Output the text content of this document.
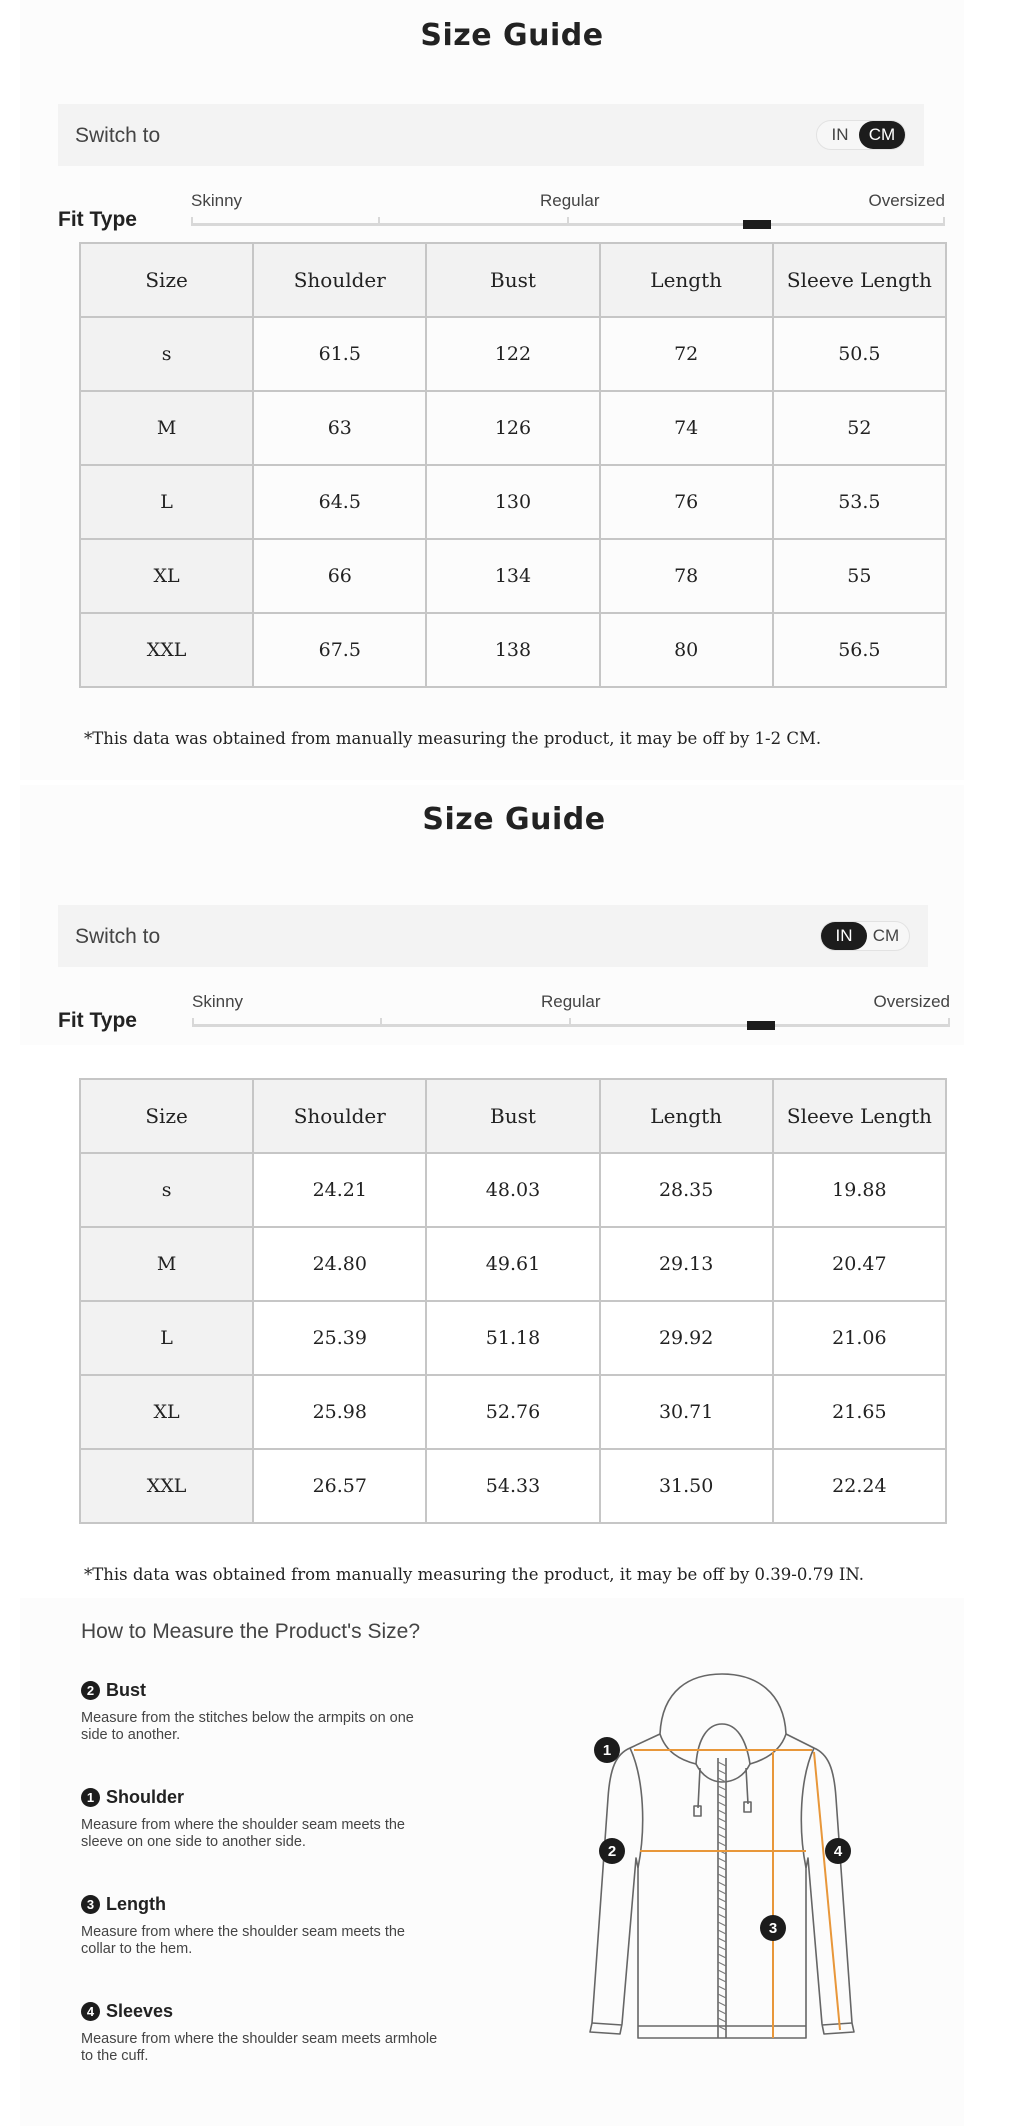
Size Guide
Switch to	IN	CM
Fit Type
Skinny	Regular	Oversized
Size	Shoulder	Bust	Length	Sleeve Length
s	61.5	122	72	50.5
M	63	126	74	52
L	64.5	130	76	53.5
XL	66	134	78	55
XXL	67.5	138	80	56.5
*This data was obtained from manually measuring the product, it may be off by 1-2 CM.
Size Guide
Switch to	IN	CM
Fit Type
Skinny	Regular	Oversized
Size	Shoulder	Bust	Length	Sleeve Length
s	24.21	48.03	28.35	19.88
M	24.80	49.61	29.13	20.47
L	25.39	51.18	29.92	21.06
XL	25.98	52.76	30.71	21.65
XXL	26.57	54.33	31.50	22.24
*This data was obtained from manually measuring the product, it may be off by 0.39-0.79 IN.
How to Measure the Product's Size?
2 Bust
Measure from the stitches below the armpits on one side to another.
1 Shoulder
Measure from where the shoulder seam meets the sleeve on one side to another side.
3 Length
Measure from where the shoulder seam meets the collar to the hem.
4 Sleeves
Measure from where the shoulder seam meets armhole to the cuff.
1
2
3
4
